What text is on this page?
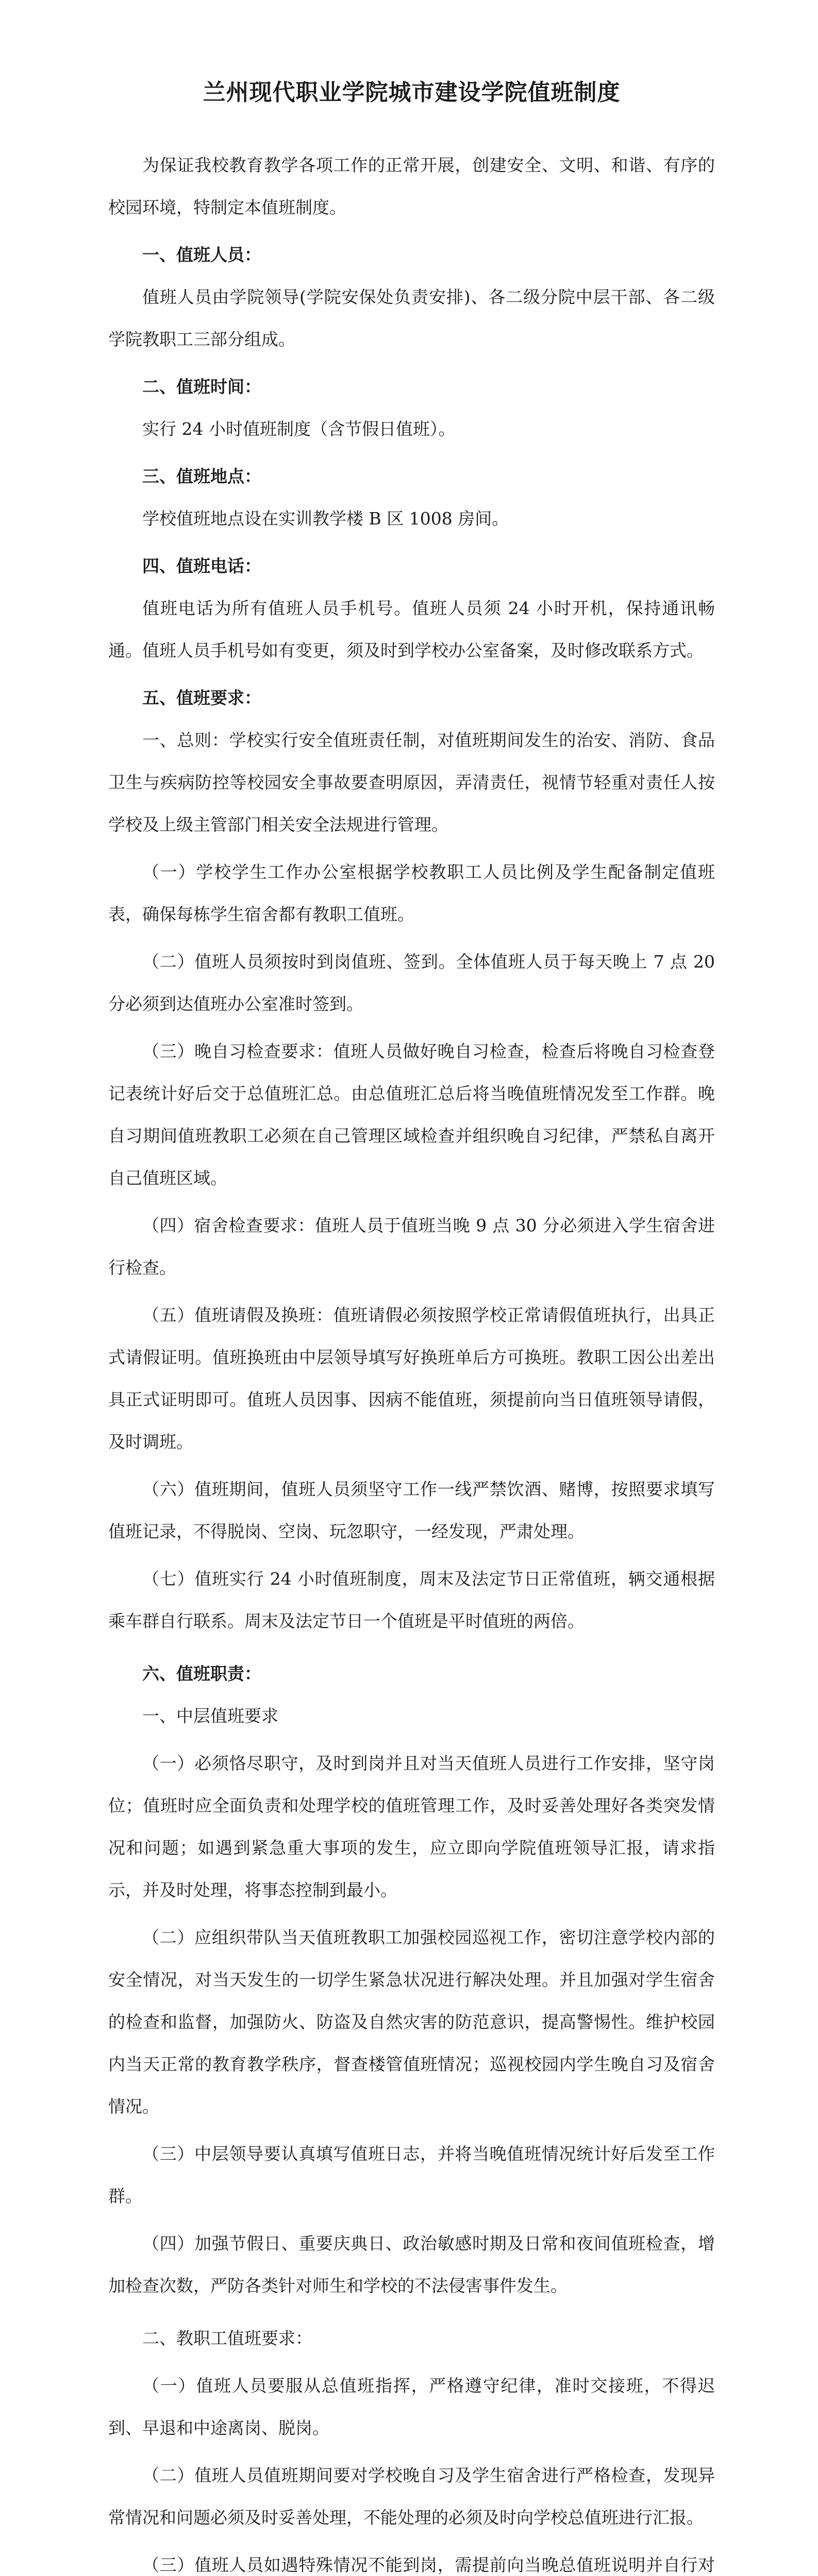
兰州现代职业学院城市建设学院值班制度

为保证我校教育教学各项工作的正常开展，创建安全、文明、和谐、有序的校园环境，特制定本值班制度。

一、值班人员：

值班人员由学院领导(学院安保处负责安排)、各二级分院中层干部、各二级学院教职工三部分组成。

二、值班时间：

实行 24 小时值班制度（含节假日值班）。

三、值班地点：

学校值班地点设在实训教学楼 B 区 1008 房间。

四、值班电话：

值班电话为所有值班人员手机号。值班人员须 24 小时开机，保持通讯畅通。值班人员手机号如有变更，须及时到学校办公室备案，及时修改联系方式。

五、值班要求：

一、总则：学校实行安全值班责任制，对值班期间发生的治安、消防、食品卫生与疾病防控等校园安全事故要查明原因，弄清责任，视情节轻重对责任人按学校及上级主管部门相关安全法规进行管理。

（一）学校学生工作办公室根据学校教职工人员比例及学生配备制定值班表，确保每栋学生宿舍都有教职工值班。

（二）值班人员须按时到岗值班、签到。全体值班人员于每天晚上 7 点 20 分必须到达值班办公室准时签到。

（三）晚自习检查要求：值班人员做好晚自习检查，检查后将晚自习检查登记表统计好后交于总值班汇总。由总值班汇总后将当晚值班情况发至工作群。晚自习期间值班教职工必须在自己管理区域检查并组织晚自习纪律，严禁私自离开自己值班区域。

（四）宿舍检查要求：值班人员于值班当晚 9 点 30 分必须进入学生宿舍进行检查。

（五）值班请假及换班：值班请假必须按照学校正常请假值班执行，出具正式请假证明。值班换班由中层领导填写好换班单后方可换班。教职工因公出差出具正式证明即可。值班人员因事、因病不能值班，须提前向当日值班领导请假，及时调班。

（六）值班期间，值班人员须坚守工作一线严禁饮酒、赌博，按照要求填写值班记录，不得脱岗、空岗、玩忽职守，一经发现，严肃处理。

（七）值班实行 24 小时值班制度，周末及法定节日正常值班，辆交通根据乘车群自行联系。周末及法定节日一个值班是平时值班的两倍。

六、值班职责：

一、中层值班要求

（一）必须恪尽职守，及时到岗并且对当天值班人员进行工作安排，坚守岗位；值班时应全面负责和处理学校的值班管理工作，及时妥善处理好各类突发情况和问题；如遇到紧急重大事项的发生，应立即向学院值班领导汇报，请求指示，并及时处理，将事态控制到最小。

（二）应组织带队当天值班教职工加强校园巡视工作，密切注意学校内部的安全情况，对当天发生的一切学生紧急状况进行解决处理。并且加强对学生宿舍的检查和监督，加强防火、防盗及自然灾害的防范意识，提高警惕性。维护校园内当天正常的教育教学秩序，督查楼管值班情况；巡视校园内学生晚自习及宿舍情况。

（三）中层领导要认真填写值班日志，并将当晚值班情况统计好后发至工作群。

（四）加强节假日、重要庆典日、政治敏感时期及日常和夜间值班检查，增加检查次数，严防各类针对师生和学校的不法侵害事件发生。

二、教职工值班要求：

（一）值班人员要服从总值班指挥，严格遵守纪律，准时交接班，不得迟到、早退和中途离岗、脱岗。

（二）值班人员值班期间要对学校晚自习及学生宿舍进行严格检查，发现异常情况和问题必须及时妥善处理，不能处理的必须及时向学校总值班进行汇报。

（三）值班人员如遇特殊情况不能到岗，需提前向当晚总值班说明并自行对
